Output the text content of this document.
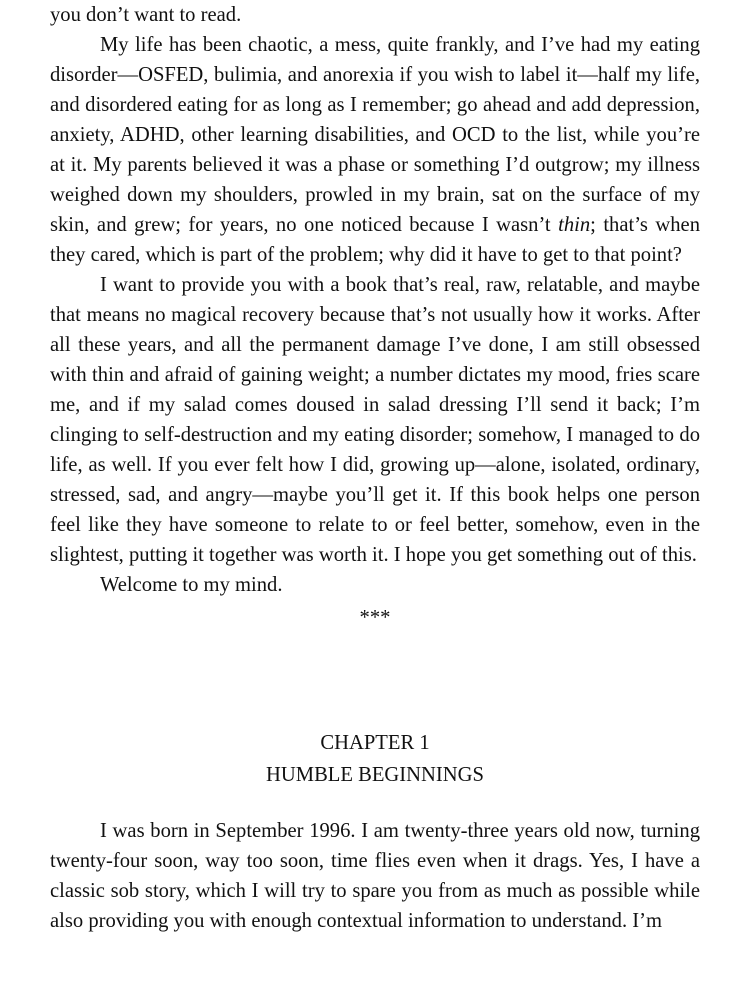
you don’t want to read.

My life has been chaotic, a mess, quite frankly, and I’ve had my eating disorder—OSFED, bulimia, and anorexia if you wish to label it—half my life, and disordered eating for as long as I remember; go ahead and add depression, anxiety, ADHD, other learning disabilities, and OCD to the list, while you’re at it. My parents believed it was a phase or something I’d outgrow; my illness weighed down my shoulders, prowled in my brain, sat on the surface of my skin, and grew; for years, no one noticed because I wasn’t thin; that’s when they cared, which is part of the problem; why did it have to get to that point?

I want to provide you with a book that’s real, raw, relatable, and maybe that means no magical recovery because that’s not usually how it works. After all these years, and all the permanent damage I’ve done, I am still obsessed with thin and afraid of gaining weight; a number dictates my mood, fries scare me, and if my salad comes doused in salad dressing I’ll send it back; I’m clinging to self-destruction and my eating disorder; somehow, I managed to do life, as well. If you ever felt how I did, growing up—alone, isolated, ordinary, stressed, sad, and angry—maybe you’ll get it. If this book helps one person feel like they have someone to relate to or feel better, somehow, even in the slightest, putting it together was worth it. I hope you get something out of this.

Welcome to my mind.

***
CHAPTER 1
HUMBLE BEGINNINGS

I was born in September 1996. I am twenty-three years old now, turning twenty-four soon, way too soon, time flies even when it drags. Yes, I have a classic sob story, which I will try to spare you from as much as possible while also providing you with enough contextual information to understand. I’m
